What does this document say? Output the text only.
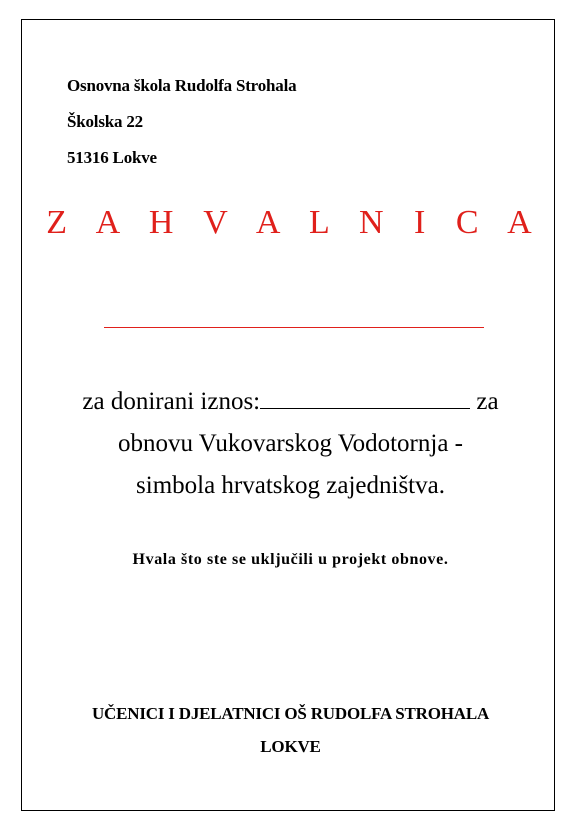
Osnovna škola Rudolfa Strohala
Školska 22
51316 Lokve
Z A H V A L N I C A
za donirani iznos:	za
obnovu Vukovarskog Vodotornja -
simbola hrvatskog zajedništva.
Hvala što ste se uključili u projekt obnove.
UČENICI I DJELATNICI OŠ RUDOLFA STROHALA
LOKVE
